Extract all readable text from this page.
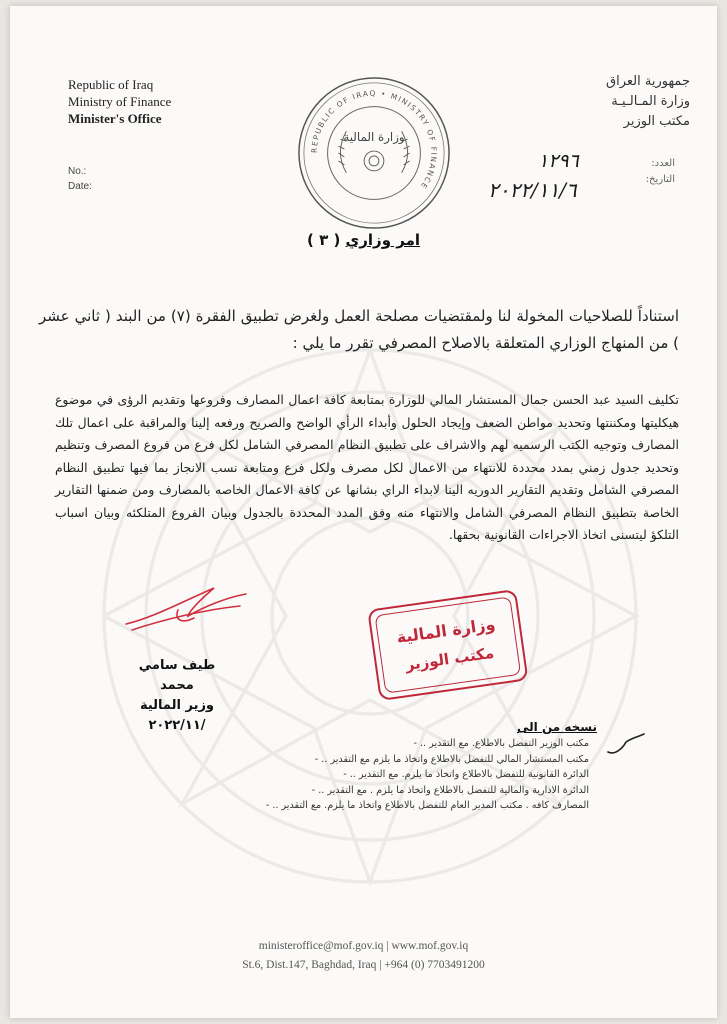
Republic of Iraq
Ministry of Finance
Minister's Office
جمهورية العراق
وزارة المـالـيـة
مكتب الوزير
REPUBLIC OF IRAQ • MINISTRY OF FINANCE
وزارة المالية
No.:
Date:
العدد:
التاريخ:
١٢٩٦
٢٠٢٢/١١/٦
امر وزاري ( ٣ )
استناداً للصلاحيات المخولة لنا ولمقتضيات مصلحة العمل ولغرض تطبيق الفقرة (٧) من البند ( ثاني عشر ) من المنهاج الوزاري المتعلقة بالاصلاح المصرفي تقرر ما يلي :
تكليف السيد عبد الحسن جمال المستشار المالي للوزارة بمتابعة كافة اعمال المصارف وفروعها وتقديم الرؤى في موضوع هيكليتها ومكننتها وتحديد مواطن الضعف وإيجاد الحلول وأبداء الرأي الواضح والصريح ورفعه إلينا والمراقبة على اعمال تلك المصارف وتوجيه الكتب الرسميه لهم والاشراف على تطبيق النظام المصرفي الشامل لكل فرع من فروع المصرف وتنظيم وتحديد جدول زمني بمدد محددة للانتهاء من الاعمال لكل مصرف ولكل فرع ومتابعة نسب الانجاز بما فيها تطبيق النظام المصرفي الشامل وتقديم التقارير الدوريه الينا لابداء الراي بشانها عن كافة الاعمال الخاصه بالمصارف ومن ضمنها التقارير الخاصة بتطبيق النظام المصرفي الشامل والانتهاء منه وفق المدد المحددة بالجدول وبيان الفروع المتلكئه وبيان اسباب التلكؤ ليتسنى اتخاذ الاجراءات القانونية بحقها.
طيف سامي محمد
وزير المالية
٢٠٢٢/١١/
وزارة المالية
مكتب الوزير
نسخه من الى
مكتب الوزير التفضل بالاطلاع. مع التقدير .. -
مكتب المستشار المالي للتفضل بالاطلاع واتخاذ ما يلزم مع التقدير .. -
الدائرة القانونية للتفضل بالاطلاع واتخاذ ما يلزم. مع التقدير .. -
الدائرة الادارية والمالية للتفضل بالاطلاع واتخاذ ما يلزم . مع التقدير .. -
المصارف كافه . مكتب المدير العام للتفضل بالاطلاع واتخاذ ما يلزم. مع التقدير .. -
ministeroffice@mof.gov.iq | www.mof.gov.iq
St.6, Dist.147, Baghdad, Iraq | +964 (0) 7703491200
